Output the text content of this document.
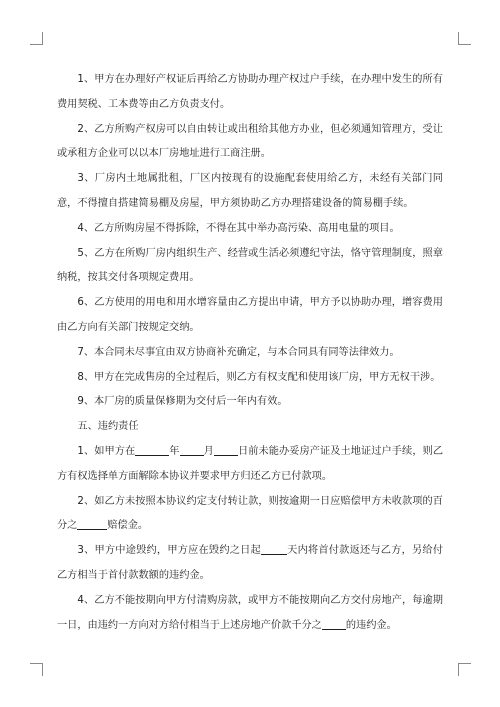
1、甲方在办理好产权证后再给乙方协助办理产权过户手续，在办理中发生的所有费用契税、工本费等由乙方负责支付。

2、乙方所购产权房可以自由转让或出租给其他方办业，但必须通知管理方，受让或承租方企业可以以本厂房地址进行工商注册。

3、厂房内土地属批租，厂区内按现有的设施配套使用给乙方，未经有关部门同意，不得擅自搭建简易棚及房屋，甲方须协助乙方办理搭建设备的简易棚手续。

4、乙方所购房屋不得拆除，不得在其中举办高污染、高用电量的项目。

5、乙方在所购厂房内组织生产、经营或生活必须遵纪守法，恪守管理制度，照章纳税，按其交付各项规定费用。

6、乙方使用的用电和用水增容量由乙方提出申请，甲方予以协助办理，增容费用由乙方向有关部门按规定交纳。

7、本合同未尽事宜由双方协商补充确定，与本合同具有同等法律效力。

8、甲方在完成售房的全过程后，则乙方有权支配和使用该厂房，甲方无权干涉。

9、本厂房的质量保修期为交付后一年内有效。

五、违约责任

1、如甲方在	年 月 日前未能办妥房产证及土地证过户手续，则乙方有权选择单方面解除本协议并要求甲方归还乙方已付款项。

2、如乙方未按照本协议约定支付转让款，则按逾期一日应赔偿甲方未收款项的百分之	赔偿金。

3、甲方中途毁约，甲方应在毁约之日起	天内将首付款返还与乙方，另给付乙方相当于首付款数额的违约金。

4、乙方不能按期向甲方付清购房款，或甲方不能按期向乙方交付房地产，每逾期一日，由违约一方向对方给付相当于上述房地产价款千分之 的违约金。
